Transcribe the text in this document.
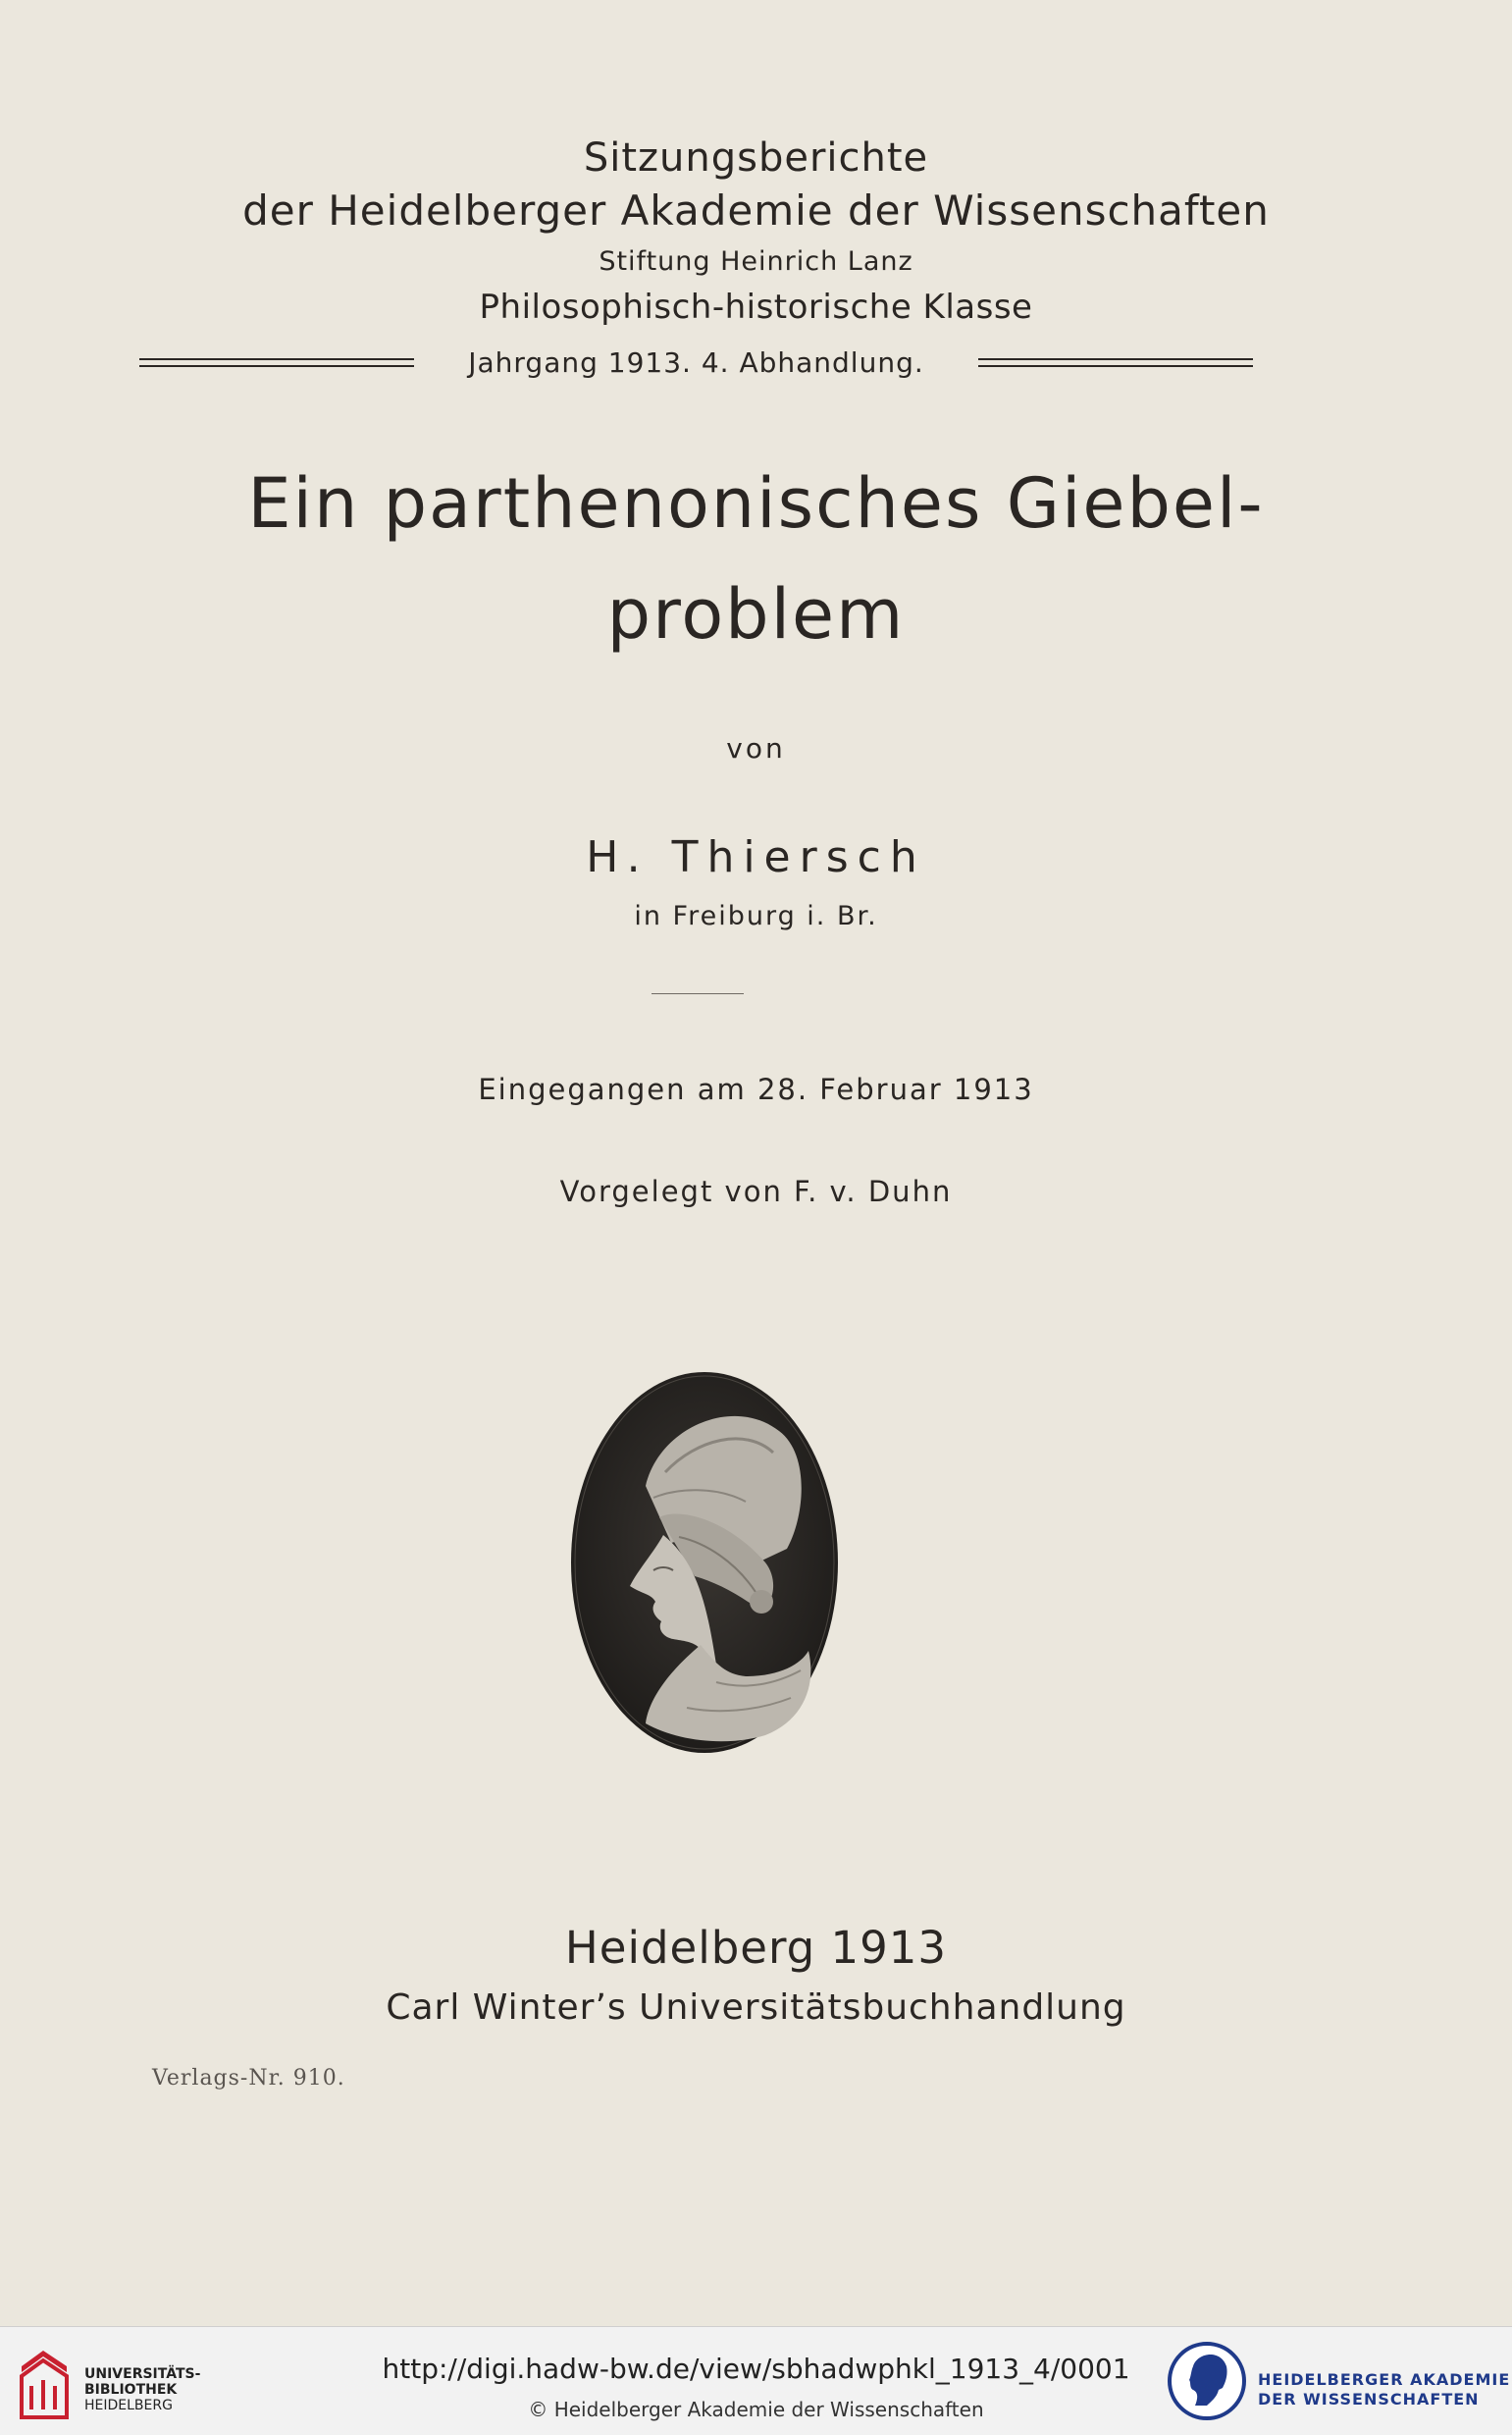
Sitzungsberichte
der Heidelberger Akademie der Wissenschaften
Stiftung Heinrich Lanz
Philosophisch-historische Klasse
Jahrgang 1913. 4. Abhandlung.
Ein parthenonisches Giebel-
problem
von
H. Thiersch
in Freiburg i. Br.
Eingegangen am 28. Februar 1913
Vorgelegt von F. v. Duhn
Heidelberg 1913
Carl Winter’s Universitätsbuchhandlung
Verlags-Nr. 910.
UNIVERSITÄTS-
BIBLIOTHEK
HEIDELBERG
http://digi.hadw-bw.de/view/sbhadwphkl_1913_4/0001
© Heidelberger Akademie der Wissenschaften
HEIDELBERGER AKADEMIE
DER WISSENSCHAFTEN
